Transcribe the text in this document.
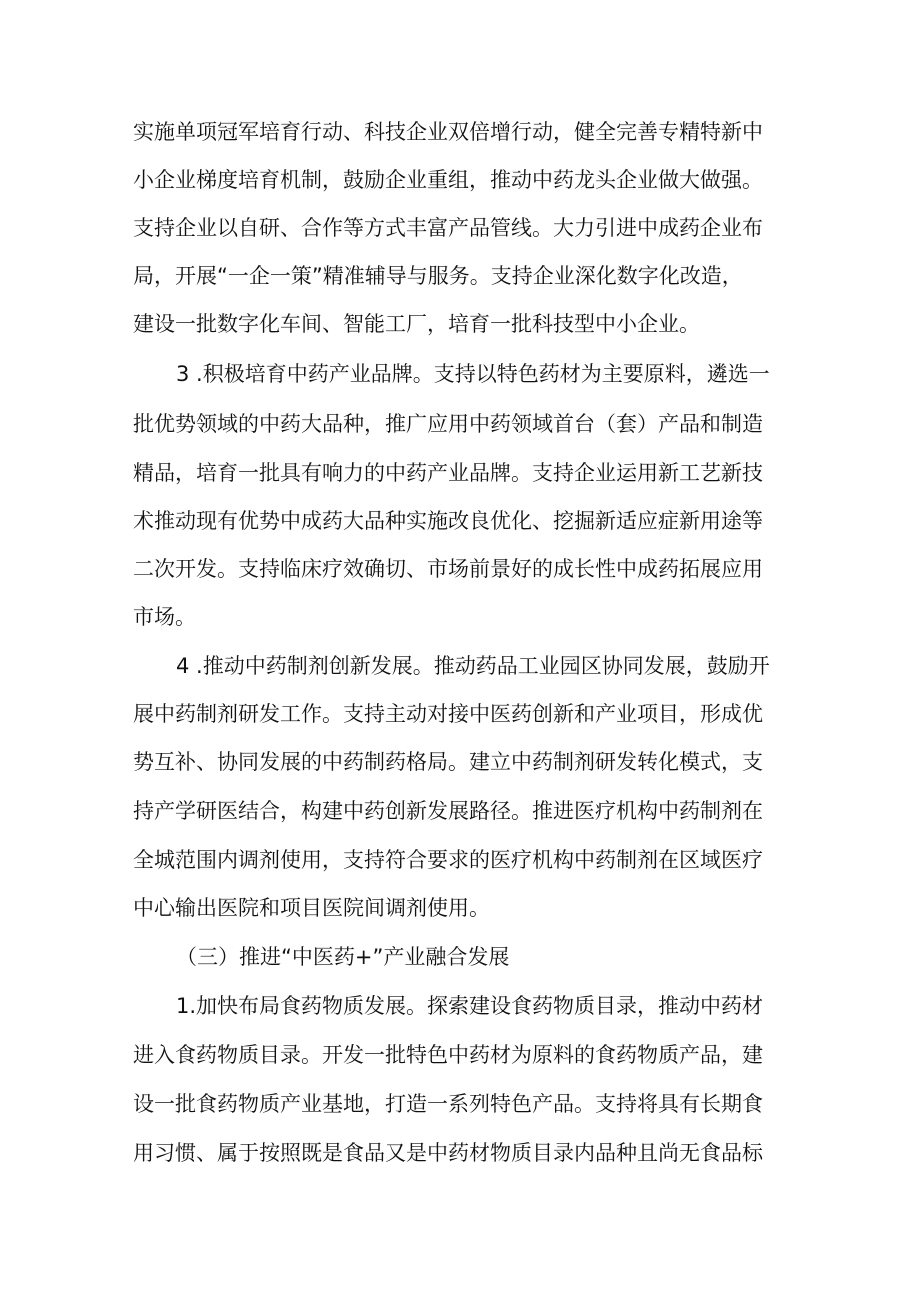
实施单项冠军培育行动、科技企业双倍增行动，健全完善专精特新中
小企业梯度培育机制，鼓励企业重组，推动中药龙头企业做大做强。
支持企业以自研、合作等方式丰富产品管线。大力引进中成药企业布
局，开展“一企一策”精准辅导与服务。支持企业深化数字化改造，
建设一批数字化车间、智能工厂，培育一批科技型中小企业。
3 .积极培育中药产业品牌。支持以特色药材为主要原料，遴选一
批优势领域的中药大品种，推广应用中药领域首台（套）产品和制造
精品，培育一批具有响力的中药产业品牌。支持企业运用新工艺新技
术推动现有优势中成药大品种实施改良优化、挖掘新适应症新用途等
二次开发。支持临床疗效确切、市场前景好的成长性中成药拓展应用
市场。
4 .推动中药制剂创新发展。推动药品工业园区协同发展，鼓励开
展中药制剂研发工作。支持主动对接中医药创新和产业项目，形成优
势互补、协同发展的中药制药格局。建立中药制剂研发转化模式，支
持产学研医结合，构建中药创新发展路径。推进医疗机构中药制剂在
全城范围内调剂使用，支持符合要求的医疗机构中药制剂在区域医疗
中心输出医院和项目医院间调剂使用。
（三）推进“中医药+”产业融合发展
1.加快布局食药物质发展。探索建设食药物质目录，推动中药材
进入食药物质目录。开发一批特色中药材为原料的食药物质产品，建
设一批食药物质产业基地，打造一系列特色产品。支持将具有长期食
用习惯、属于按照既是食品又是中药材物质目录内品种且尚无食品标
